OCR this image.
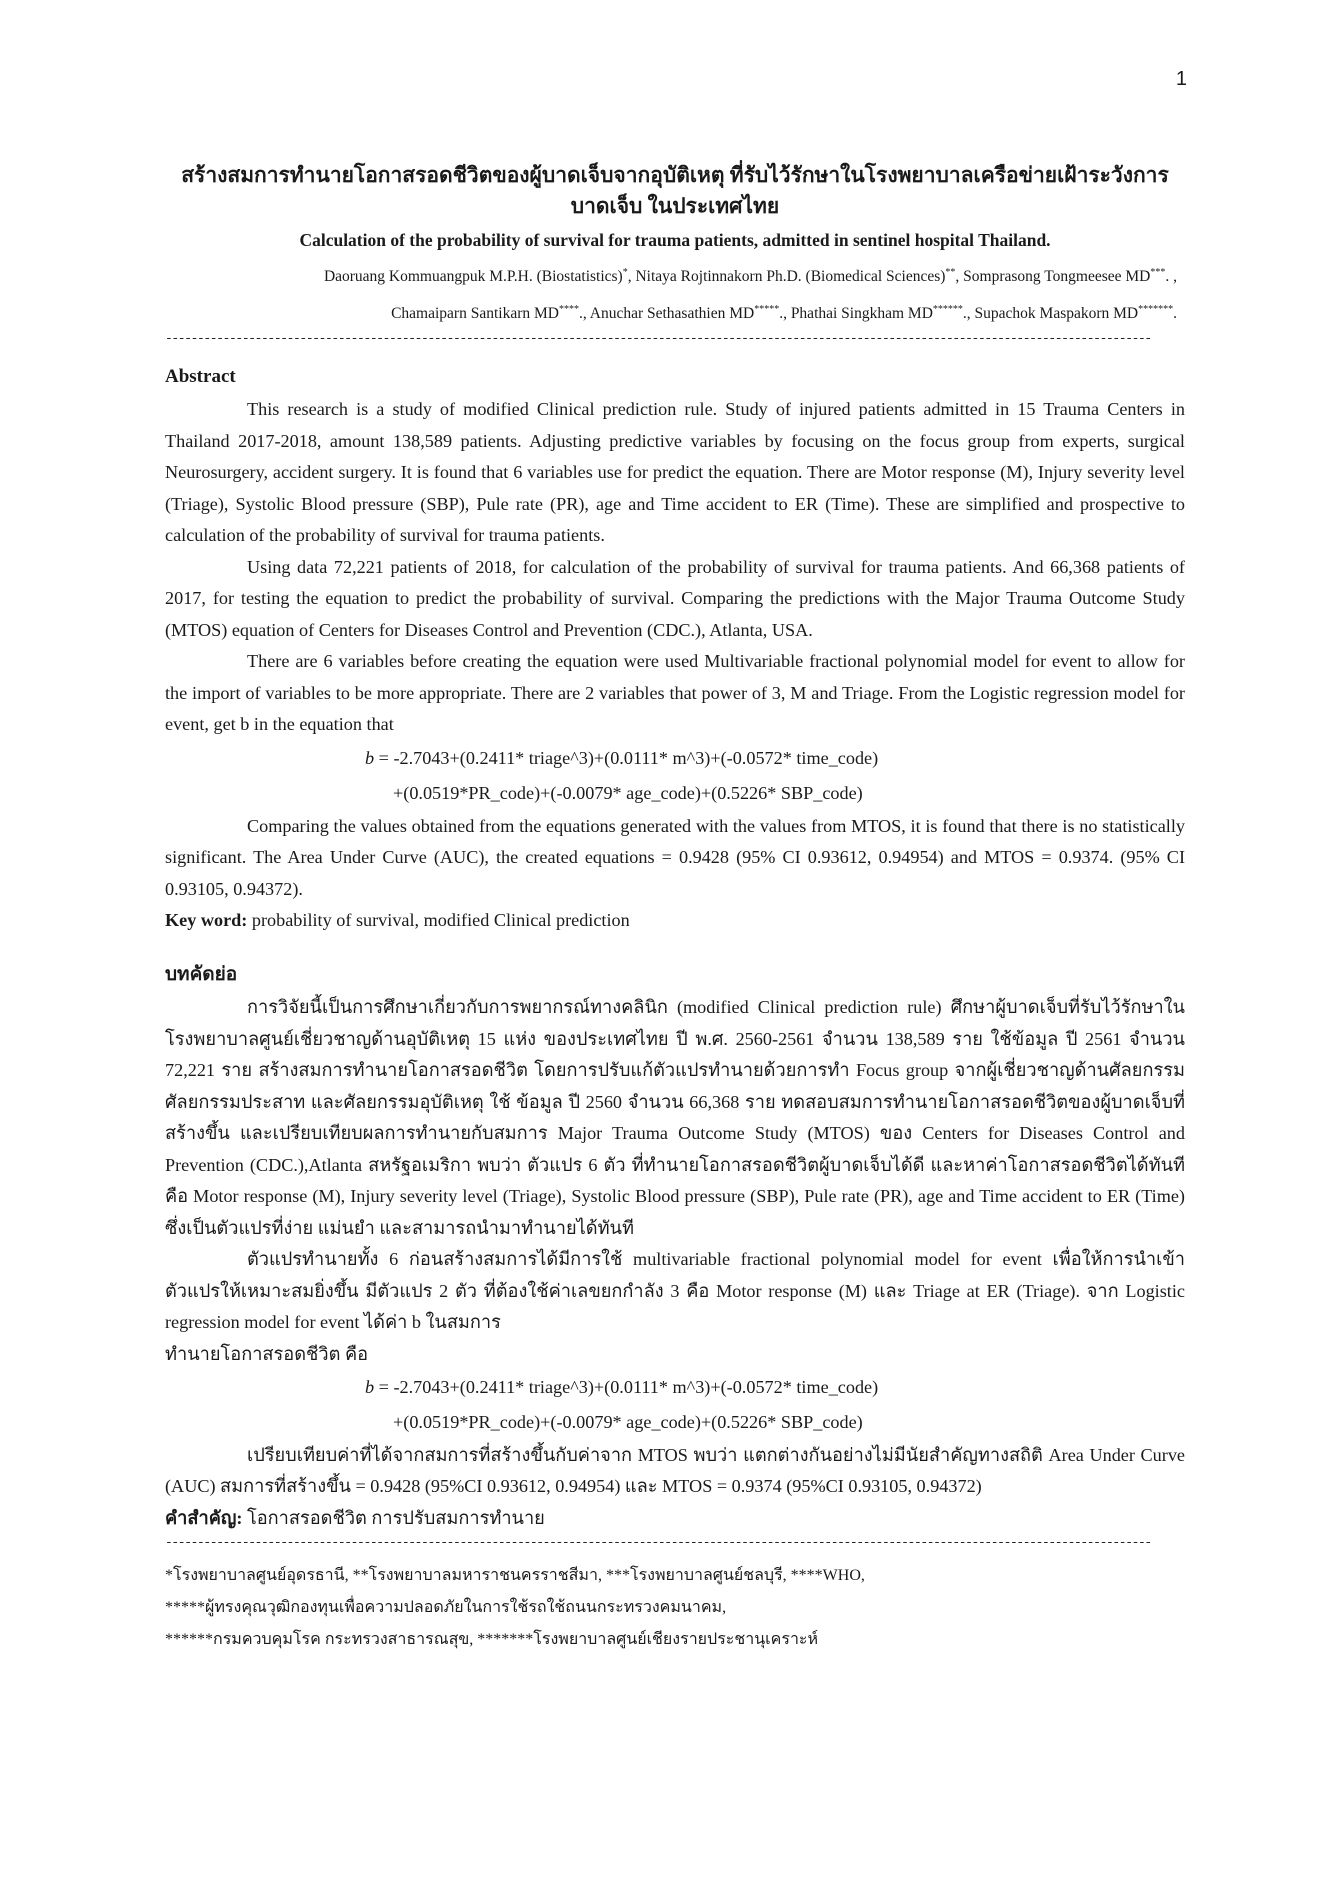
1

สร้างสมการทำนายโอกาสรอดชีวิตของผู้บาดเจ็บจากอุบัติเหตุ ที่รับไว้รักษาในโรงพยาบาลเครือข่ายเฝ้าระวังการบาดเจ็บ ในประเทศไทย

Calculation of the probability of survival for trauma patients, admitted in sentinel hospital Thailand.

Daoruang Kommuangpuk M.P.H. (Biostatistics)*, Nitaya Rojtinnakorn Ph.D. (Biomedical Sciences)**, Somprasong Tongmeesee MD***. ,
Chamaiparn Santikarn MD****., Anuchar Sethasathien MD*****., Phathai Singkham MD******., Supachok Maspakorn MD*******.
----------------------------------------------------------------------------------------------------------------------------------------------------------
Abstract

This research is a study of modified Clinical prediction rule. Study of injured patients admitted in 15 Trauma Centers in Thailand 2017-2018, amount 138,589 patients. Adjusting predictive variables by focusing on the focus group from experts, surgical Neurosurgery, accident surgery. It is found that 6 variables use for predict the equation. There are Motor response (M), Injury severity level (Triage), Systolic Blood pressure (SBP), Pule rate (PR), age and Time accident to ER (Time). These are simplified and prospective to calculation of the probability of survival for trauma patients.

Using data 72,221 patients of 2018, for calculation of the probability of survival for trauma patients. And 66,368 patients of 2017, for testing the equation to predict the probability of survival. Comparing the predictions with the Major Trauma Outcome Study (MTOS) equation of Centers for Diseases Control and Prevention (CDC.), Atlanta, USA.

There are 6 variables before creating the equation were used Multivariable fractional polynomial model for event to allow for the import of variables to be more appropriate. There are 2 variables that power of 3, M and Triage. From the Logistic regression model for event, get b in the equation that

b = -2.7043+(0.2411* triage^3)+(0.0111* m^3)+(-0.0572* time_code)

+(0.0519*PR_code)+(-0.0079* age_code)+(0.5226* SBP_code)

Comparing the values obtained from the equations generated with the values from MTOS, it is found that there is no statistically significant. The Area Under Curve (AUC), the created equations = 0.9428 (95% CI 0.93612, 0.94954) and MTOS = 0.9374. (95% CI 0.93105, 0.94372).

Key word: probability of survival, modified Clinical prediction

บทคัดย่อ

การวิจัยนี้เป็นการศึกษาเกี่ยวกับการพยากรณ์ทางคลินิก (modified Clinical prediction rule) ศึกษาผู้บาดเจ็บที่รับไว้รักษาในโรงพยาบาลศูนย์เชี่ยวชาญด้านอุบัติเหตุ 15 แห่ง ของประเทศไทย ปี พ.ศ. 2560-2561 จำนวน 138,589 ราย ใช้ข้อมูล ปี 2561 จำนวน 72,221 ราย สร้างสมการทำนายโอกาสรอดชีวิต โดยการปรับแก้ตัวแปรทำนายด้วยการทำ Focus group จากผู้เชี่ยวชาญด้านศัลยกรรม ศัลยกรรมประสาท และศัลยกรรมอุบัติเหตุ ใช้ ข้อมูล ปี 2560 จำนวน 66,368 ราย ทดสอบสมการทำนายโอกาสรอดชีวิตของผู้บาดเจ็บที่สร้างขึ้น และเปรียบเทียบผลการทำนายกับสมการ Major Trauma Outcome Study (MTOS) ของ Centers for Diseases Control and Prevention (CDC.),Atlanta สหรัฐอเมริกา พบว่า ตัวแปร 6 ตัว ที่ทำนายโอกาสรอดชีวิตผู้บาดเจ็บได้ดี และหาค่าโอกาสรอดชีวิตได้ทันที คือ Motor response (M), Injury severity level (Triage), Systolic Blood pressure (SBP), Pule rate (PR), age and Time accident to ER (Time) ซึ่งเป็นตัวแปรที่ง่าย แม่นยำ และสามารถนำมาทำนายได้ทันที

ตัวแปรทำนายทั้ง 6 ก่อนสร้างสมการได้มีการใช้ multivariable fractional polynomial model for event เพื่อให้การนำเข้าตัวแปรให้เหมาะสมยิ่งขึ้น มีตัวแปร 2 ตัว ที่ต้องใช้ค่าเลขยกกำลัง 3 คือ Motor response (M) และ Triage at ER (Triage). จาก Logistic regression model for event ได้ค่า b ในสมการ

ทำนายโอกาสรอดชีวิต คือ

b = -2.7043+(0.2411* triage^3)+(0.0111* m^3)+(-0.0572* time_code)

+(0.0519*PR_code)+(-0.0079* age_code)+(0.5226* SBP_code)

เปรียบเทียบค่าที่ได้จากสมการที่สร้างขึ้นกับค่าจาก MTOS พบว่า แตกต่างกันอย่างไม่มีนัยสำคัญทางสถิติ Area Under Curve (AUC) สมการที่สร้างขึ้น = 0.9428 (95%CI 0.93612, 0.94954) และ MTOS = 0.9374 (95%CI 0.93105, 0.94372)

คำสำคัญ: โอกาสรอดชีวิต การปรับสมการทำนาย

----------------------------------------------------------------------------------------------------------------------------------------------------------

*โรงพยาบาลศูนย์อุดรธานี, **โรงพยาบาลมหาราชนครราชสีมา, ***โรงพยาบาลศูนย์ชลบุรี, ****WHO,

*****ผู้ทรงคุณวุฒิกองทุนเพื่อความปลอดภัยในการใช้รถใช้ถนนกระทรวงคมนาคม,

******กรมควบคุมโรค กระทรวงสาธารณสุข, *******โรงพยาบาลศูนย์เชียงรายประชานุเคราะห์
